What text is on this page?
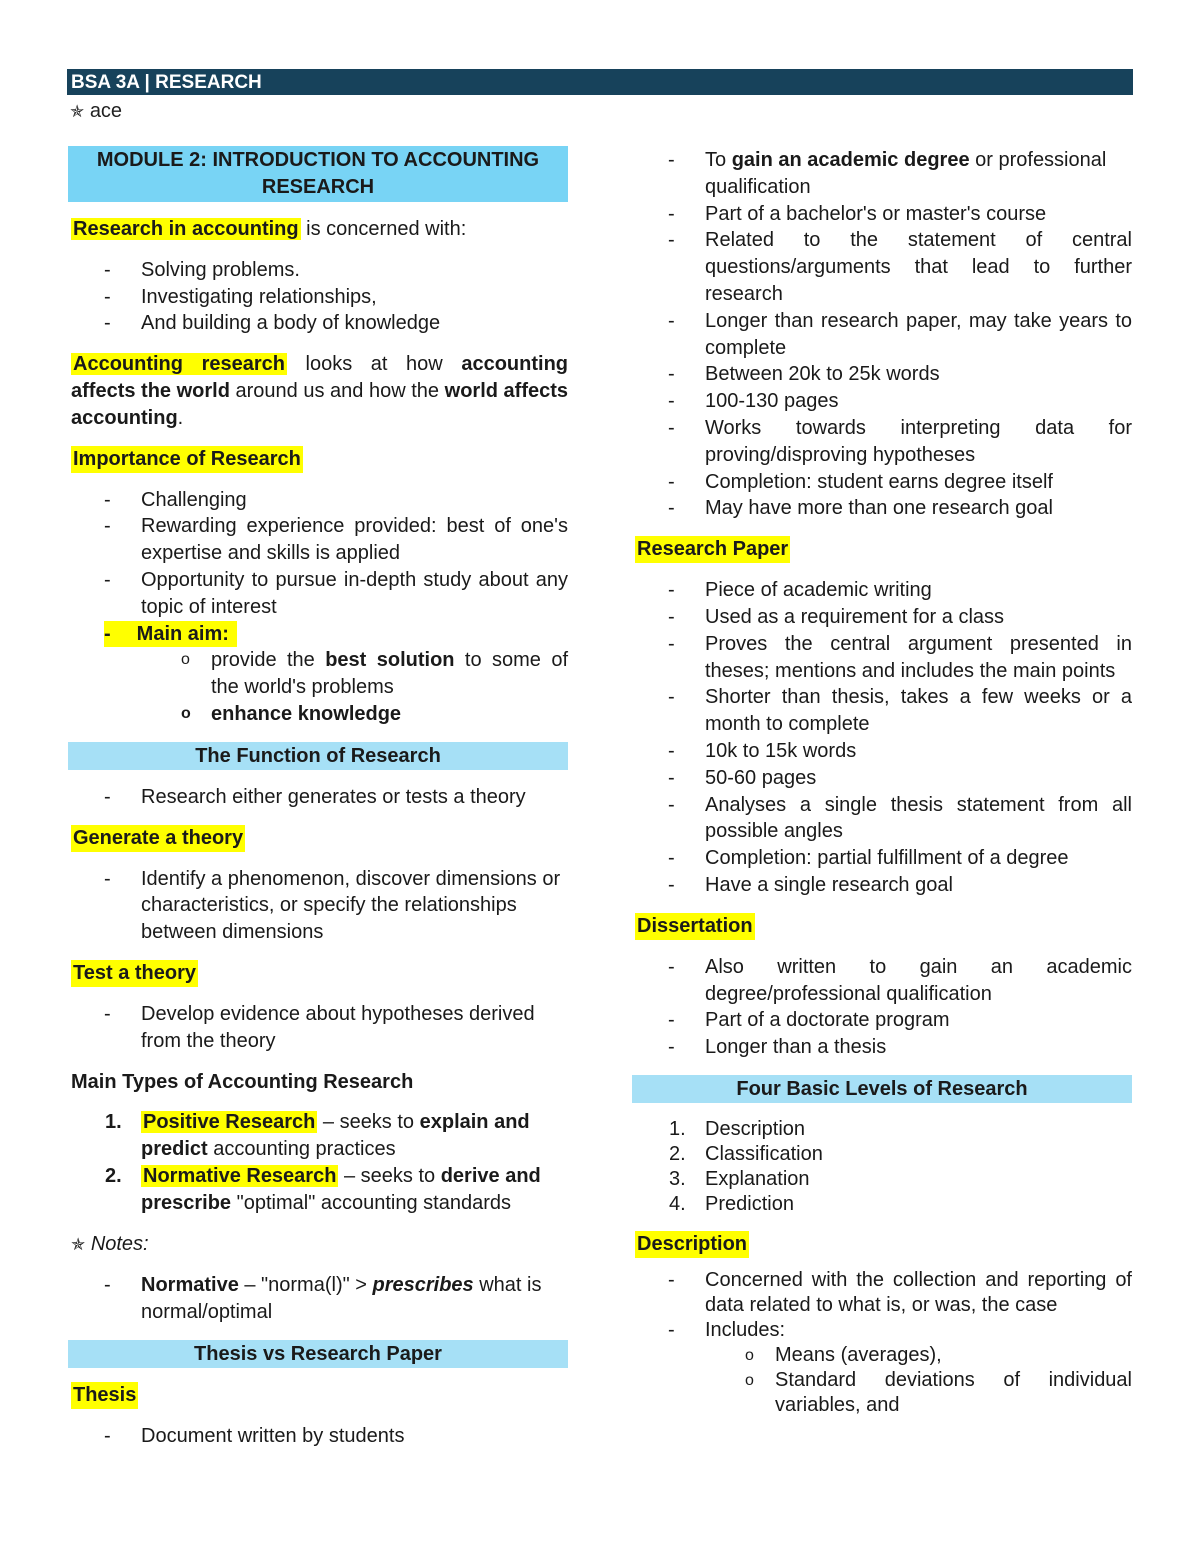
BSA 3A | RESEARCH
✯ ace
MODULE 2: INTRODUCTION TO ACCOUNTING RESEARCH

Research in accounting is concerned with:

- Solving problems.
- Investigating relationships,
- And building a body of knowledge

Accounting research looks at how accounting affects the world around us and how the world affects accounting.

Importance of Research

- Challenging
- Rewarding experience provided: best of one's expertise and skills is applied
- Opportunity to pursue in-depth study about any topic of interest
- Main aim:
o provide the best solution to some of the world's problems
o enhance knowledge
The Function of Research
- Research either generates or tests a theory

Generate a theory

- Identify a phenomenon, discover dimensions or characteristics, or specify the relationships between dimensions

Test a theory

- Develop evidence about hypotheses derived from the theory

Main Types of Accounting Research

1. Positive Research – seeks to explain and predict accounting practices
2. Normative Research – seeks to derive and prescribe "optimal" accounting standards

✯ Notes:

- Normative – "norma(l)" > prescribes what is normal/optimal
Thesis vs Research Paper

Thesis

- Document written by students
- To gain an academic degree or professional qualification
- Part of a bachelor's or master's course
- Related to the statement of central questions/arguments that lead to further research
- Longer than research paper, may take years to complete
- Between 20k to 25k words
- 100-130 pages
- Works towards interpreting data for proving/disproving hypotheses
- Completion: student earns degree itself
- May have more than one research goal

Research Paper

- Piece of academic writing
- Used as a requirement for a class
- Proves the central argument presented in theses; mentions and includes the main points
- Shorter than thesis, takes a few weeks or a month to complete
- 10k to 15k words
- 50-60 pages
- Analyses a single thesis statement from all possible angles
- Completion: partial fulfillment of a degree
- Have a single research goal

Dissertation

- Also written to gain an academic degree/professional qualification
- Part of a doctorate program
- Longer than a thesis
Four Basic Levels of Research
1. Description
2. Classification
3. Explanation
4. Prediction

Description

- Concerned with the collection and reporting of data related to what is, or was, the case
- Includes:
o Means (averages),
o Standard deviations of individual variables, and
